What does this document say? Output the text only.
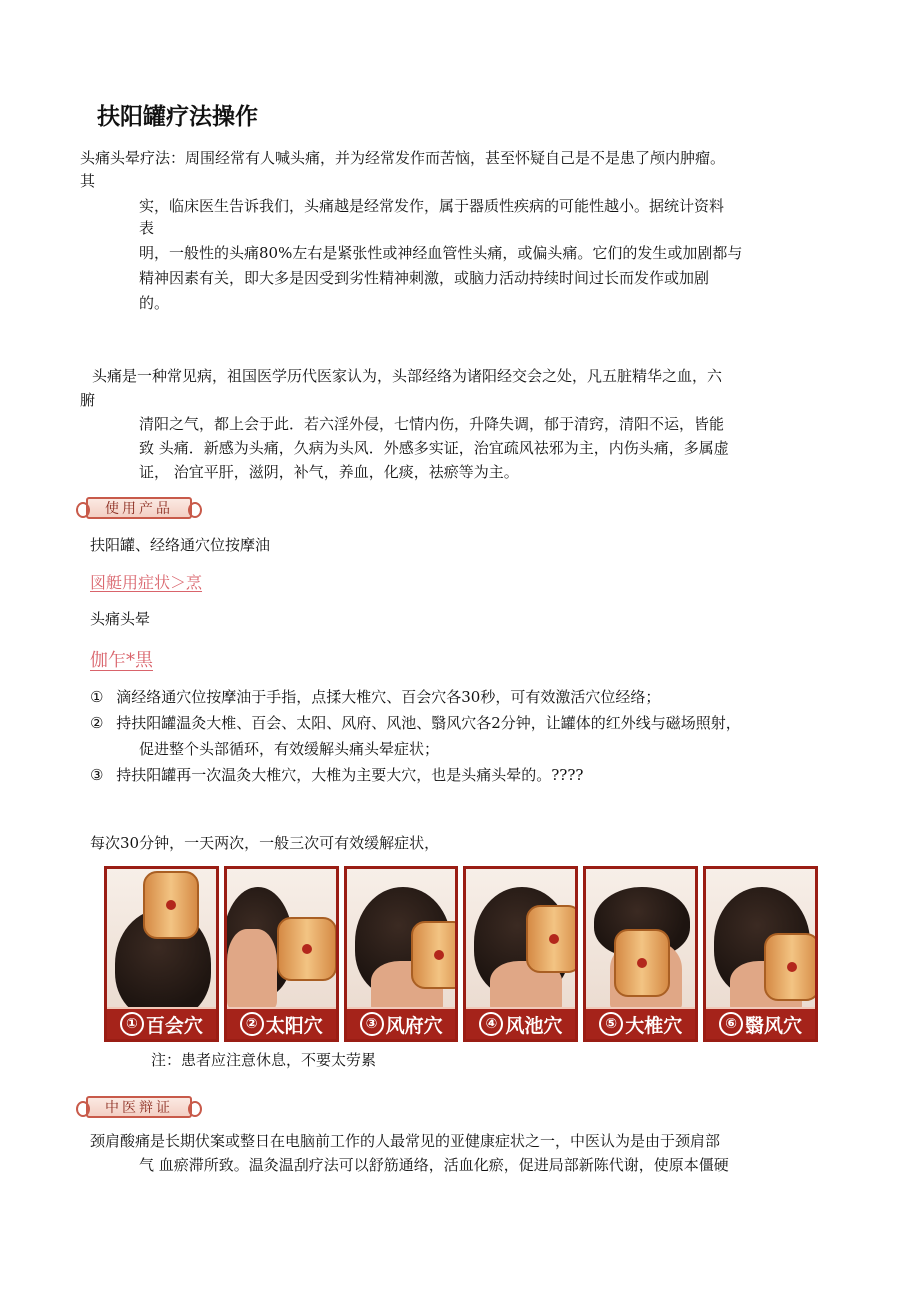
扶阳罐疗法操作
头痛头晕疗法：周围经常有人喊头痛，并为经常发作而苦恼，甚至怀疑自己是不是患了颅内肿瘤。
其
实，临床医生告诉我们，头痛越是经常发作，属于器质性疾病的可能性越小。据统计资料
表
明，一般性的头痛80%左右是紧张性或神经血管性头痛，或偏头痛。它们的发生或加剧都与
精神因素有关，即大多是因受到劣性精神刺激，或脑力活动持续时间过长而发作或加剧
的。
头痛是一种常见病，祖国医学历代医家认为，头部经络为诸阳经交会之处，凡五脏精华之血，六
腑
清阳之气，都上会于此．若六淫外侵，七情内伤，升降失调，郁于清窍，清阳不运，皆能
致 头痛．新感为头痛，久病为头风．外感多实证，治宜疏风祛邪为主，内伤头痛，多属虚
证， 治宜平肝，滋阴，补气，养血，化痰，祛瘀等为主。
使用产品
扶阳罐、经络通穴位按摩油
図艇用症状＞烹
头痛头晕
伽乍*黒
① 滴经络通穴位按摩油于手指，点揉大椎穴、百会穴各30秒，可有效激活穴位经络；
② 持扶阳罐温灸大椎、百会、太阳、风府、风池、翳风穴各2分钟，让罐体的红外线与磁场照射，
促进整个头部循环，有效缓解头痛头晕症状；
③ 持扶阳罐再一次温灸大椎穴，大椎为主要大穴，也是头痛头晕的。????
每次30分钟，一天两次，一般三次可有效缓解症状，
① 百会穴	② 太阳穴	③ 风府穴	④ 风池穴	⑤ 大椎穴	⑥ 翳风穴
注：患者应注意休息，不要太劳累
中医辩证
颈肩酸痛是长期伏案或整日在电脑前工作的人最常见的亚健康症状之一，中医认为是由于颈肩部
气 血瘀滞所致。温灸温刮疗法可以舒筋通络，活血化瘀，促进局部新陈代谢，使原本僵硬
